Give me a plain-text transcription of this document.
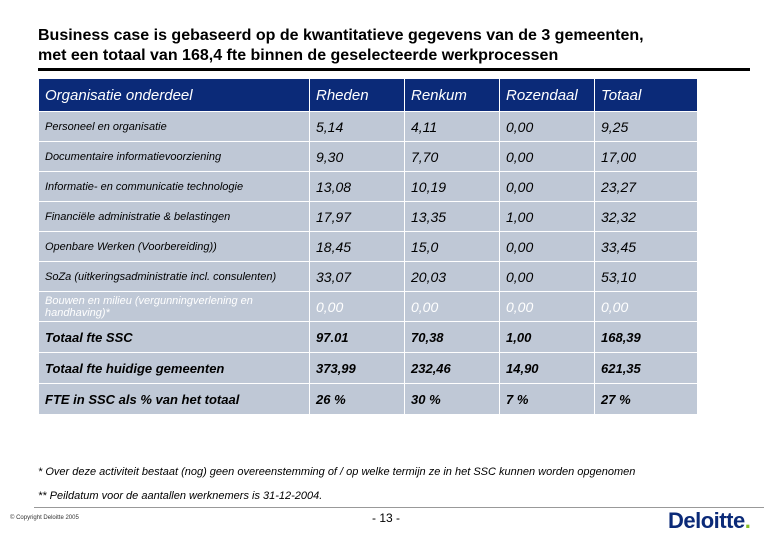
Business case is gebaseerd op de kwantitatieve gegevens van de 3 gemeenten,
met een totaal van 168,4 fte binnen de geselecteerde werkprocessen
Organisatie onderdeel	Rheden	Renkum	Rozendaal	Totaal
Personeel en organisatie	5,14	4,11	0,00	9,25
Documentaire informatievoorziening	9,30	7,70	0,00	17,00
Informatie- en communicatie technologie	13,08	10,19	0,00	23,27
Financiële administratie & belastingen	17,97	13,35	1,00	32,32
Openbare Werken (Voorbereiding))	18,45	15,0	0,00	33,45
SoZa (uitkeringsadministratie incl. consulenten)	33,07	20,03	0,00	53,10
Bouwen en milieu (vergunningverlening en handhaving)*	0,00	0,00	0,00	0,00
Totaal fte SSC	97.01	70,38	1,00	168,39
Totaal fte huidige gemeenten	373,99	232,46	14,90	621,35
FTE in SSC als % van het totaal	26 %	30 %	7 %	27 %
* Over deze activiteit bestaat (nog) geen overeenstemming of / op welke termijn ze in het SSC kunnen worden opgenomen
** Peildatum voor de aantallen werknemers is 31-12-2004.
© Copyright Deloitte 2005	- 13 -	Deloitte.
